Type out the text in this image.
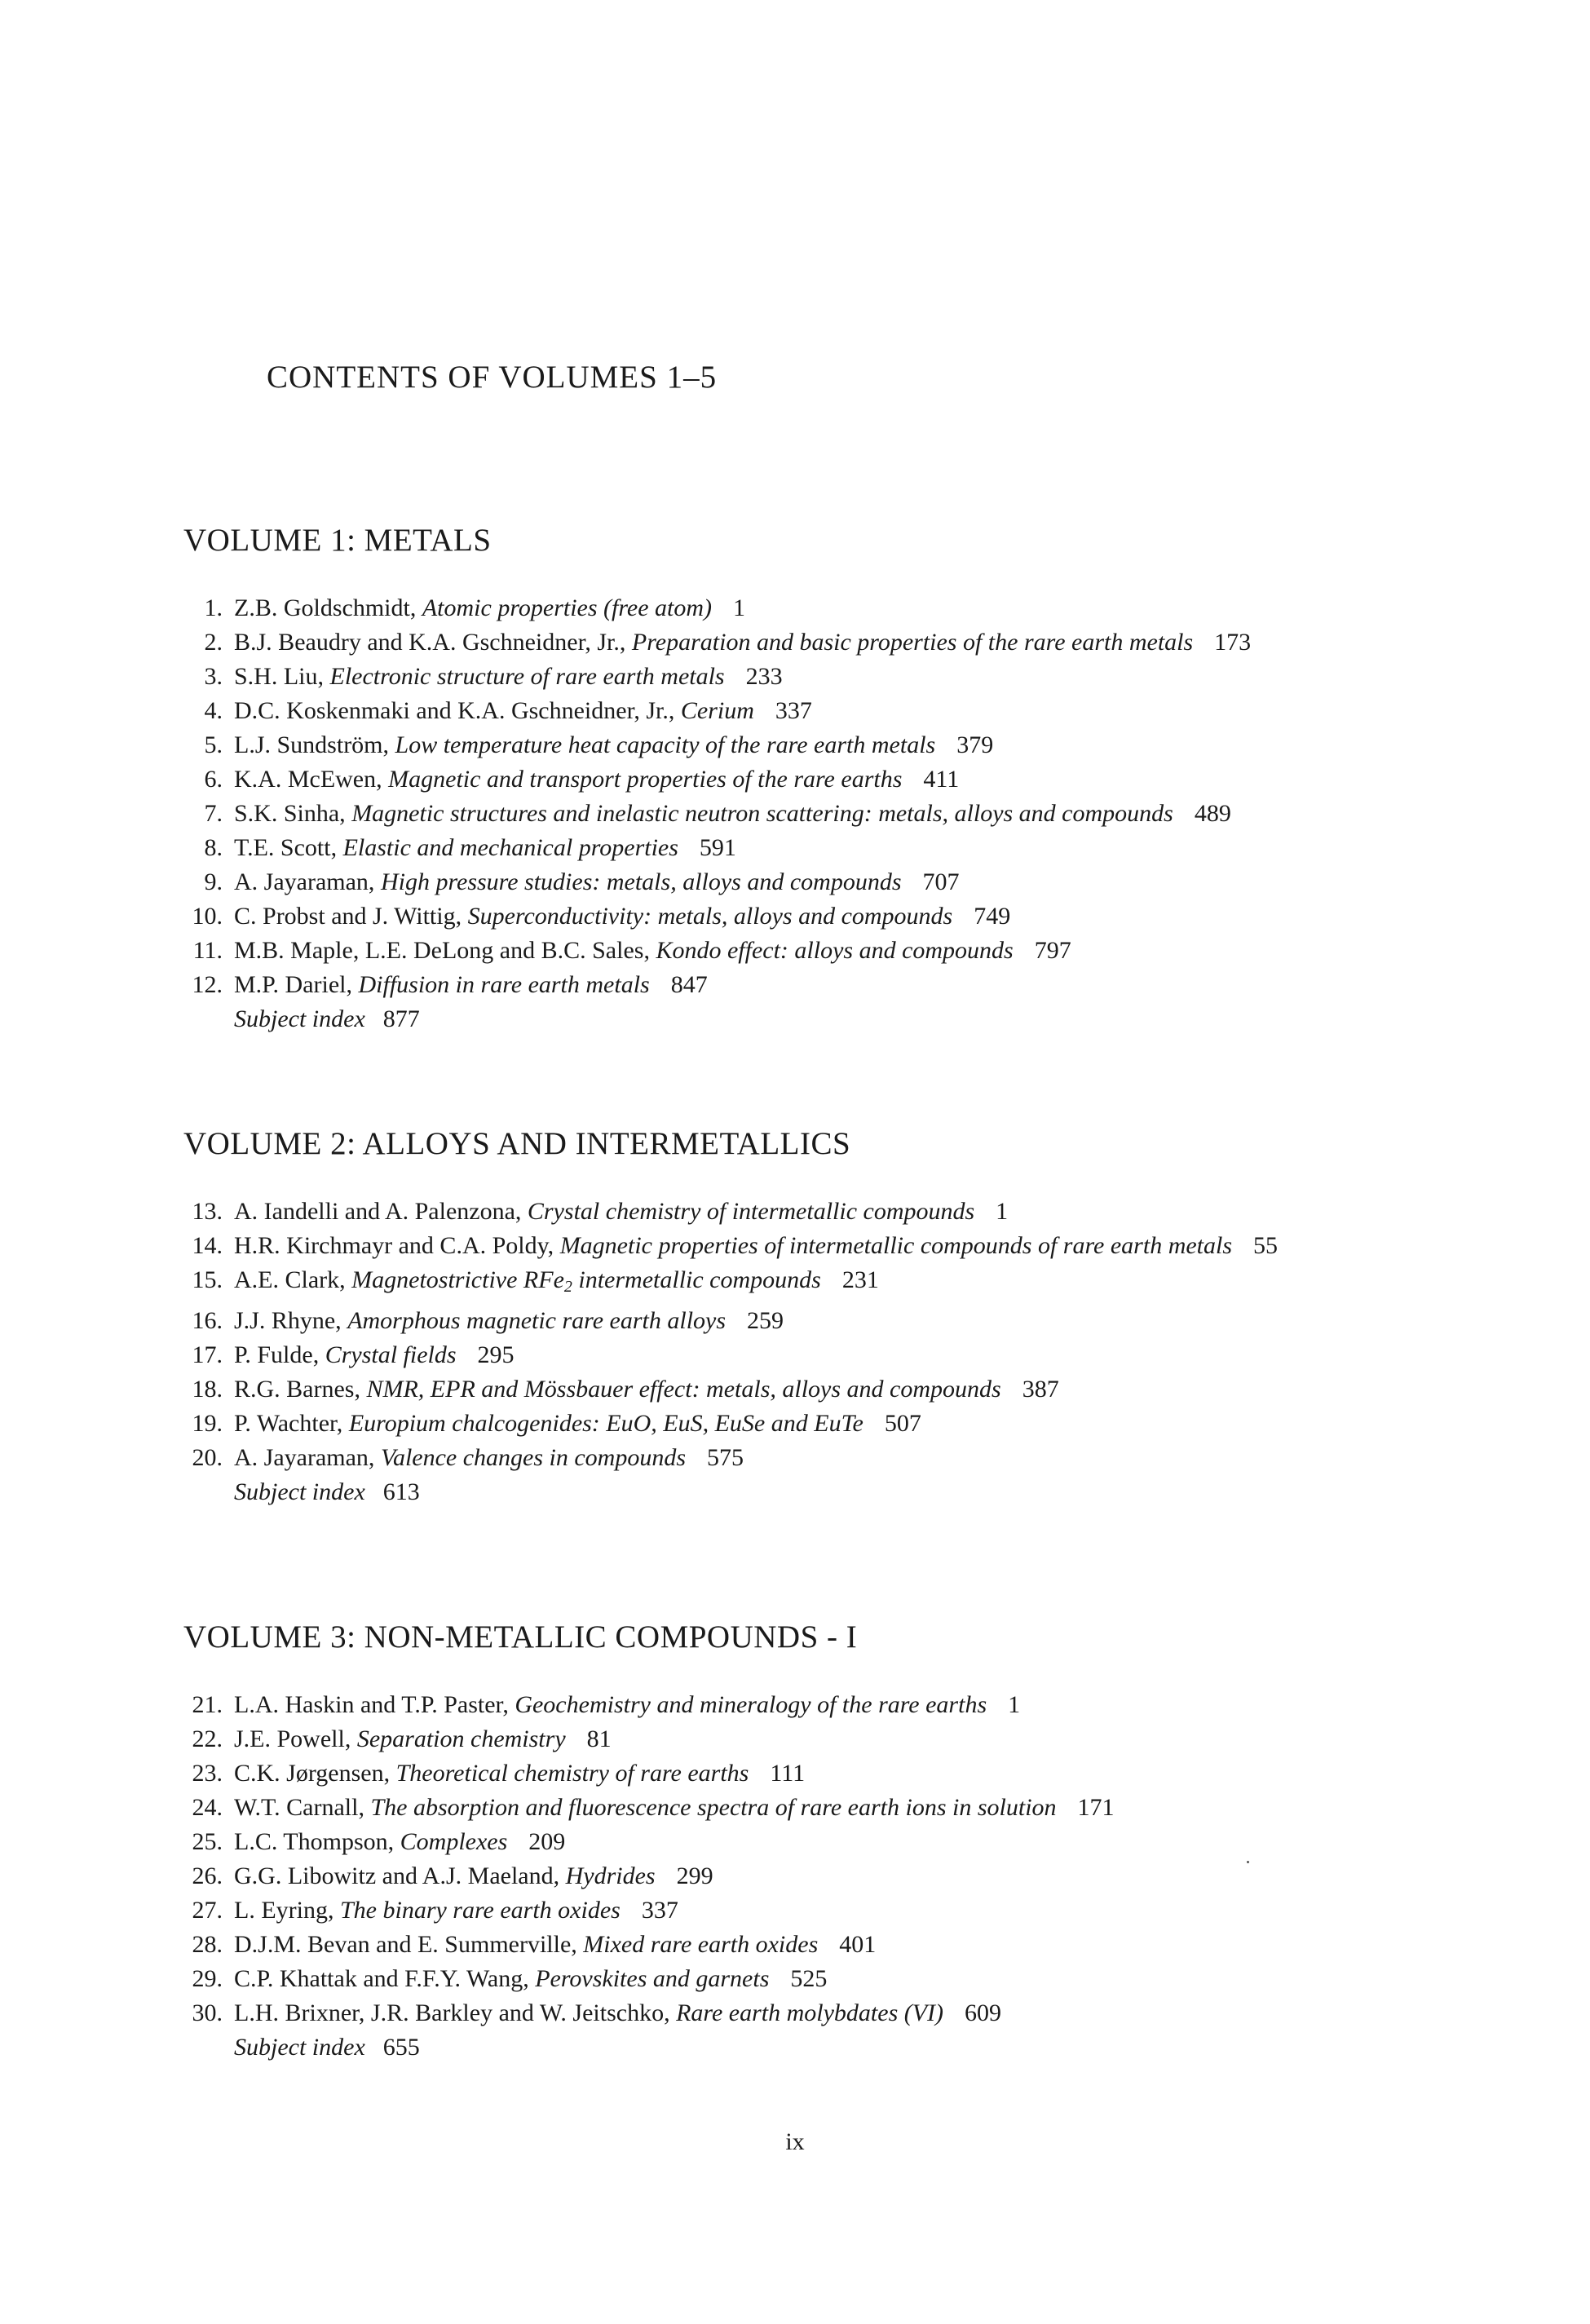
CONTENTS OF VOLUMES 1–5
VOLUME 1: METALS

1. Z.B. Goldschmidt, Atomic properties (free atom) 1

2. B.J. Beaudry and K.A. Gschneidner, Jr., Preparation and basic properties of the rare earth metals 173

3. S.H. Liu, Electronic structure of rare earth metals 233

4. D.C. Koskenmaki and K.A. Gschneidner, Jr., Cerium 337

5. L.J. Sundström, Low temperature heat capacity of the rare earth metals 379

6. K.A. McEwen, Magnetic and transport properties of the rare earths 411

7. S.K. Sinha, Magnetic structures and inelastic neutron scattering: metals, alloys and compounds 489

8. T.E. Scott, Elastic and mechanical properties 591

9. A. Jayaraman, High pressure studies: metals, alloys and compounds 707

10. C. Probst and J. Wittig, Superconductivity: metals, alloys and compounds 749

11. M.B. Maple, L.E. DeLong and B.C. Sales, Kondo effect: alloys and compounds 797

12. M.P. Dariel, Diffusion in rare earth metals 847

Subject index 877
VOLUME 2: ALLOYS AND INTERMETALLICS

13. A. Iandelli and A. Palenzona, Crystal chemistry of intermetallic compounds 1

14. H.R. Kirchmayr and C.A. Poldy, Magnetic properties of intermetallic compounds of rare earth metals 55

15. A.E. Clark, Magnetostrictive RFe2 intermetallic compounds 231

16. J.J. Rhyne, Amorphous magnetic rare earth alloys 259

17. P. Fulde, Crystal fields 295

18. R.G. Barnes, NMR, EPR and Mössbauer effect: metals, alloys and compounds 387

19. P. Wachter, Europium chalcogenides: EuO, EuS, EuSe and EuTe 507

20. A. Jayaraman, Valence changes in compounds 575

Subject index 613
VOLUME 3: NON-METALLIC COMPOUNDS - I

21. L.A. Haskin and T.P. Paster, Geochemistry and mineralogy of the rare earths 1

22. J.E. Powell, Separation chemistry 81

23. C.K. Jørgensen, Theoretical chemistry of rare earths 111

24. W.T. Carnall, The absorption and fluorescence spectra of rare earth ions in solution 171

25. L.C. Thompson, Complexes 209

26. G.G. Libowitz and A.J. Maeland, Hydrides 299

27. L. Eyring, The binary rare earth oxides 337

28. D.J.M. Bevan and E. Summerville, Mixed rare earth oxides 401

29. C.P. Khattak and F.F.Y. Wang, Perovskites and garnets 525

30. L.H. Brixner, J.R. Barkley and W. Jeitschko, Rare earth molybdates (VI) 609

Subject index 655
ix
